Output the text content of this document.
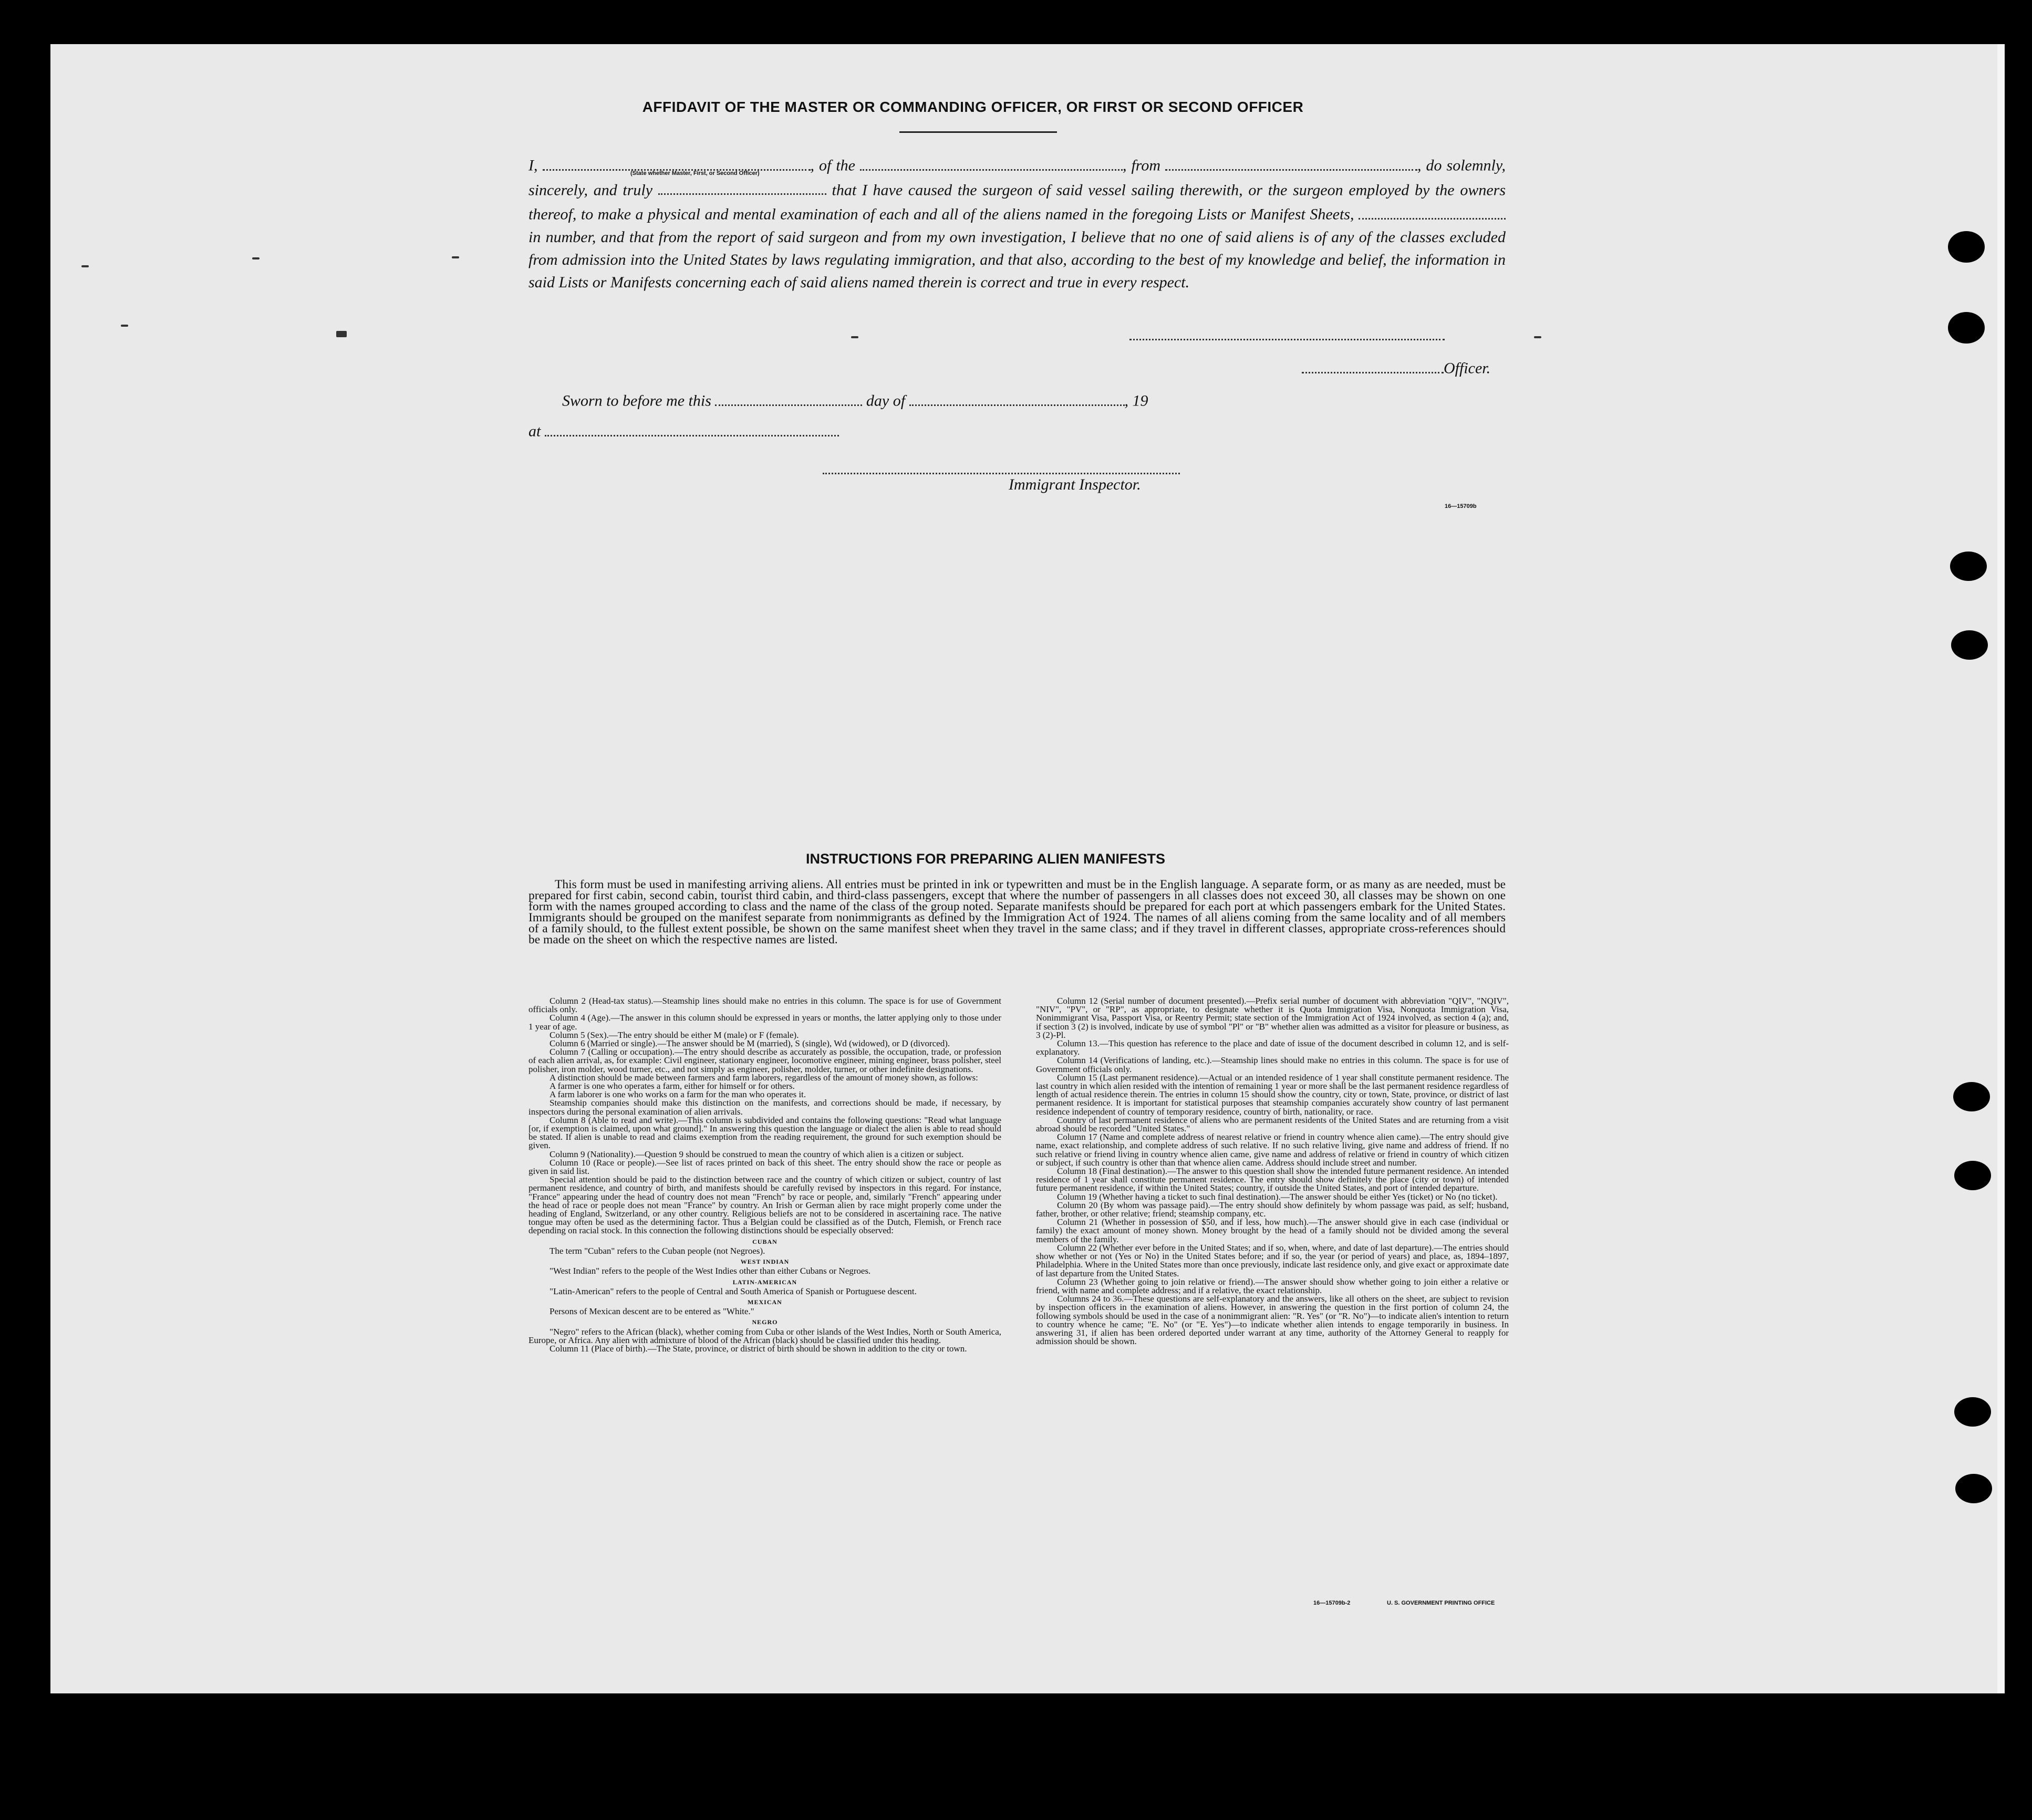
AFFIDAVIT OF THE MASTER OR COMMANDING OFFICER, OR FIRST OR SECOND OFFICER
I,	, of the	, from	, do solemnly, sincerely, and truly	that I have caused the surgeon of said vessel sailing therewith, or the surgeon employed by the owners thereof, to make a physical and mental examination of each and all of the aliens named in the foregoing Lists or Manifest Sheets,  in number, and that from the report of said surgeon and from my own investigation, I believe that no one of said aliens is of any of the classes excluded from admission into the United States by laws regulating immigration, and that also, according to the best of my knowledge and belief, the information in said Lists or Manifests concerning each of said aliens named therein is correct and true in every respect.
(State whether Master, First, or Second Officer)
Officer.
Sworn to before me this	day of	, 19
at
Immigrant Inspector.
16—15709b
INSTRUCTIONS FOR PREPARING ALIEN MANIFESTS
This form must be used in manifesting arriving aliens. All entries must be printed in ink or typewritten and must be in the English language. A separate form, or as many as are needed, must be prepared for first cabin, second cabin, tourist third cabin, and third-class passengers, except that where the number of passengers in all classes does not exceed 30, all classes may be shown on one form with the names grouped according to class and the name of the class of the group noted. Separate manifests should be prepared for each port at which passengers embark for the United States. Immigrants should be grouped on the manifest separate from nonimmigrants as defined by the Immigration Act of 1924. The names of all aliens coming from the same locality and of all members of a family should, to the fullest extent possible, be shown on the same manifest sheet when they travel in the same class; and if they travel in different classes, appropriate cross-references should be made on the sheet on which the respective names are listed.

Column 2 (Head-tax status).—Steamship lines should make no entries in this column. The space is for use of Government officials only.

Column 4 (Age).—The answer in this column should be expressed in years or months, the latter applying only to those under 1 year of age.

Column 5 (Sex).—The entry should be either M (male) or F (female).

Column 6 (Married or single).—The answer should be M (married), S (single), Wd (widowed), or D (divorced).

Column 7 (Calling or occupation).—The entry should describe as accurately as possible, the occupation, trade, or profession of each alien arrival, as, for example: Civil engineer, stationary engineer, locomotive engineer, mining engineer, brass polisher, steel polisher, iron molder, wood turner, etc., and not simply as engineer, polisher, molder, turner, or other indefinite designations.

A distinction should be made between farmers and farm laborers, regardless of the amount of money shown, as follows:

A farmer is one who operates a farm, either for himself or for others.

A farm laborer is one who works on a farm for the man who operates it.

Steamship companies should make this distinction on the manifests, and corrections should be made, if necessary, by inspectors during the personal examination of alien arrivals.

Column 8 (Able to read and write).—This column is subdivided and contains the following questions: "Read what language [or, if exemption is claimed, upon what ground]." In answering this question the language or dialect the alien is able to read should be stated. If alien is unable to read and claims exemption from the reading requirement, the ground for such exemption should be given.

Column 9 (Nationality).—Question 9 should be construed to mean the country of which alien is a citizen or subject.

Column 10 (Race or people).—See list of races printed on back of this sheet. The entry should show the race or people as given in said list.

Special attention should be paid to the distinction between race and the country of which citizen or subject, country of last permanent residence, and country of birth, and manifests should be carefully revised by inspectors in this regard. For instance, "France" appearing under the head of country does not mean "French" by race or people, and, similarly "French" appearing under the head of race or people does not mean "France" by country. An Irish or German alien by race might properly come under the heading of England, Switzerland, or any other country. Religious beliefs are not to be considered in ascertaining race. The native tongue may often be used as the determining factor. Thus a Belgian could be classified as of the Dutch, Flemish, or French race depending on racial stock. In this connection the following distinctions should be especially observed:

CUBAN

The term "Cuban" refers to the Cuban people (not Negroes).

WEST INDIAN

"West Indian" refers to the people of the West Indies other than either Cubans or Negroes.

LATIN-AMERICAN

"Latin-American" refers to the people of Central and South America of Spanish or Portuguese descent.

MEXICAN

Persons of Mexican descent are to be entered as "White."

NEGRO

"Negro" refers to the African (black), whether coming from Cuba or other islands of the West Indies, North or South America, Europe, or Africa. Any alien with admixture of blood of the African (black) should be classified under this heading.

Column 11 (Place of birth).—The State, province, or district of birth should be shown in addition to the city or town.

Column 12 (Serial number of document presented).—Prefix serial number of document with abbreviation "QIV", "NQIV", "NIV", "PV", or "RP", as appropriate, to designate whether it is Quota Immigration Visa, Nonquota Immigration Visa, Nonimmigrant Visa, Passport Visa, or Reentry Permit; state section of the Immigration Act of 1924 involved, as section 4 (a); and, if section 3 (2) is involved, indicate by use of symbol "Pl" or "B" whether alien was admitted as a visitor for pleasure or business, as 3 (2)-Pl.

Column 13.—This question has reference to the place and date of issue of the document described in column 12, and is self-explanatory.

Column 14 (Verifications of landing, etc.).—Steamship lines should make no entries in this column. The space is for use of Government officials only.

Column 15 (Last permanent residence).—Actual or an intended residence of 1 year shall constitute permanent residence. The last country in which alien resided with the intention of remaining 1 year or more shall be the last permanent residence regardless of length of actual residence therein. The entries in column 15 should show the country, city or town, State, province, or district of last permanent residence. It is important for statistical purposes that steamship companies accurately show country of last permanent residence independent of country of temporary residence, country of birth, nationality, or race.

Country of last permanent residence of aliens who are permanent residents of the United States and are returning from a visit abroad should be recorded "United States."

Column 17 (Name and complete address of nearest relative or friend in country whence alien came).—The entry should give name, exact relationship, and complete address of such relative. If no such relative living, give name and address of friend. If no such relative or friend living in country whence alien came, give name and address of relative or friend in country of which citizen or subject, if such country is other than that whence alien came. Address should include street and number.

Column 18 (Final destination).—The answer to this question shall show the intended future permanent residence. An intended residence of 1 year shall constitute permanent residence. The entry should show definitely the place (city or town) of intended future permanent residence, if within the United States; country, if outside the United States, and port of intended departure.

Column 19 (Whether having a ticket to such final destination).—The answer should be either Yes (ticket) or No (no ticket).

Column 20 (By whom was passage paid).—The entry should show definitely by whom passage was paid, as self; husband, father, brother, or other relative; friend; steamship company, etc.

Column 21 (Whether in possession of $50, and if less, how much).—The answer should give in each case (individual or family) the exact amount of money shown. Money brought by the head of a family should not be divided among the several members of the family.

Column 22 (Whether ever before in the United States; and if so, when, where, and date of last departure).—The entries should show whether or not (Yes or No) in the United States before; and if so, the year (or period of years) and place, as, 1894–1897, Philadelphia. Where in the United States more than once previously, indicate last residence only, and give exact or approximate date of last departure from the United States.

Column 23 (Whether going to join relative or friend).—The answer should show whether going to join either a relative or friend, with name and complete address; and if a relative, the exact relationship.

Columns 24 to 36.—These questions are self-explanatory and the answers, like all others on the sheet, are subject to revision by inspection officers in the examination of aliens. However, in answering the question in the first portion of column 24, the following symbols should be used in the case of a nonimmigrant alien: "R. Yes" (or "R. No")—to indicate alien's intention to return to country whence he came; "E. No" (or "E. Yes")—to indicate whether alien intends to engage temporarily in business. In answering 31, if alien has been ordered deported under warrant at any time, authority of the Attorney General to reapply for admission should be shown.

16—15709b-2	U. S. GOVERNMENT PRINTING OFFICE
